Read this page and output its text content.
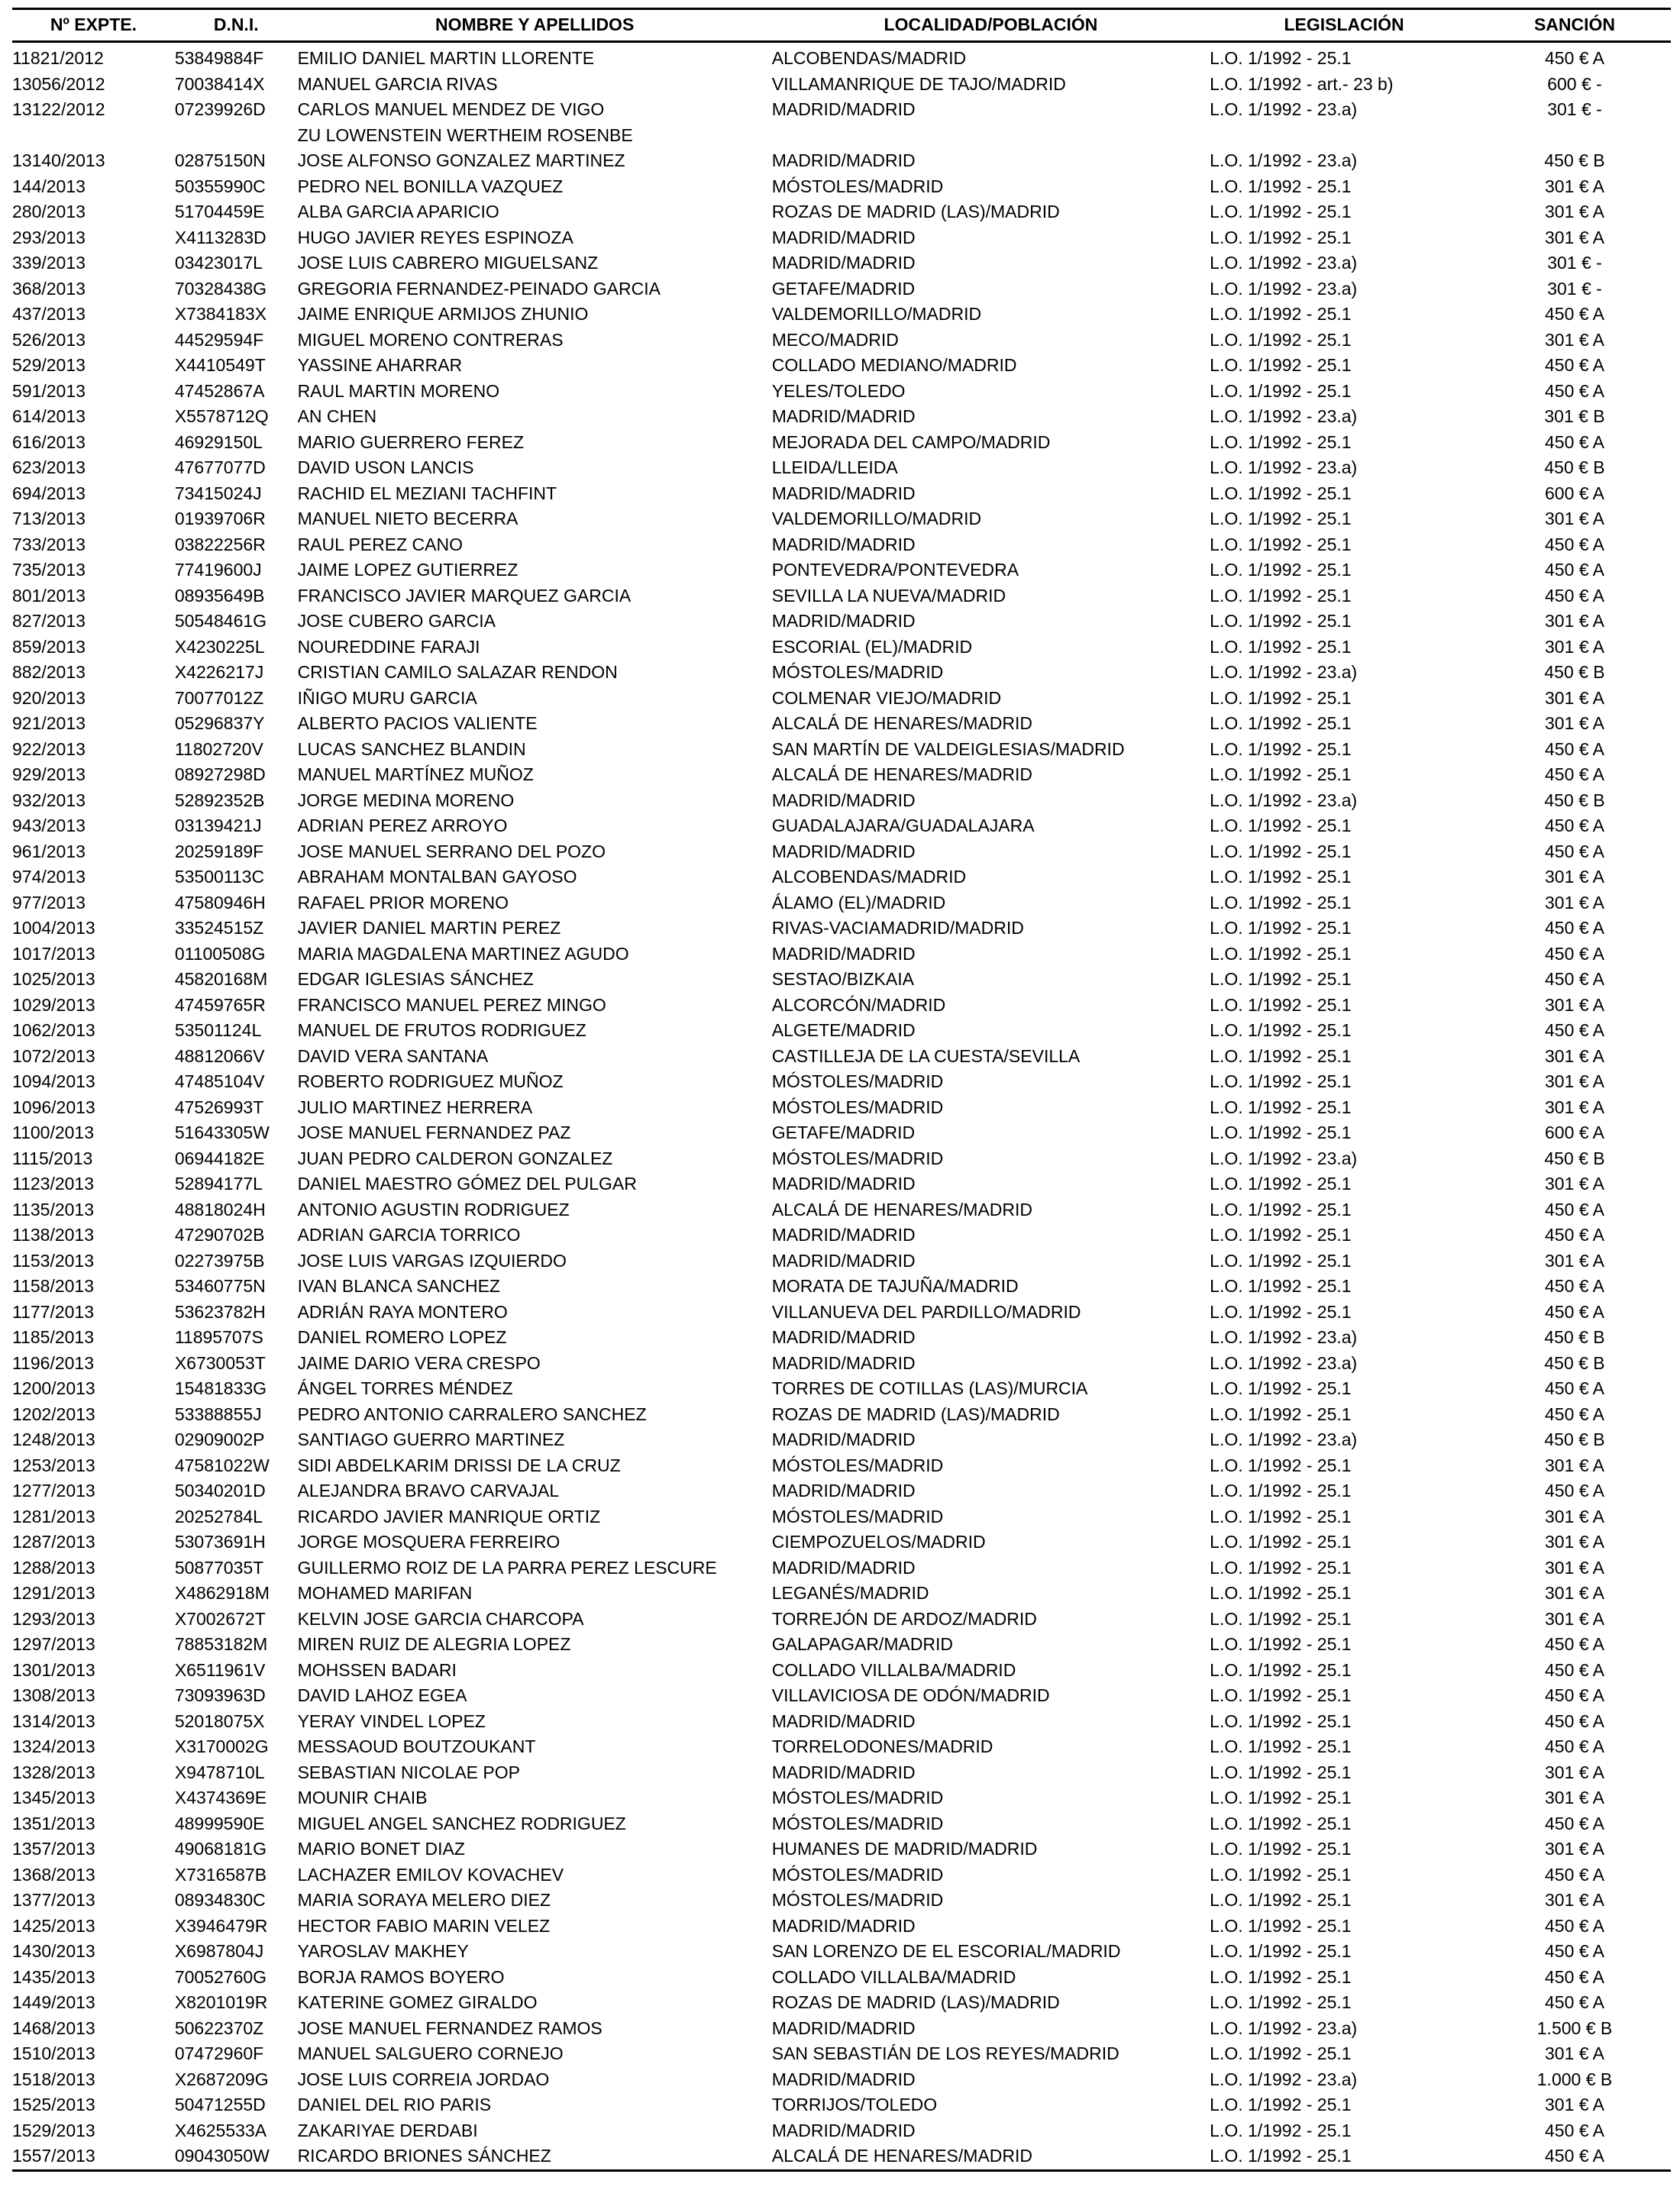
Nº EXPTE.	D.N.I.	NOMBRE Y APELLIDOS	LOCALIDAD/POBLACIÓN	LEGISLACIÓN	SANCIÓN

11821/2012	53849884F	EMILIO DANIEL MARTIN LLORENTE	ALCOBENDAS/MADRID	L.O. 1/1992 - 25.1	450 € A

13056/2012	70038414X	MANUEL GARCIA RIVAS	VILLAMANRIQUE DE TAJO/MADRID	L.O. 1/1992 - art.- 23 b)	600 € -

13122/2012	07239926D	CARLOS MANUEL MENDEZ DE VIGO
ZU LOWENSTEIN WERTHEIM ROSENBE	MADRID/MADRID	L.O. 1/1992 - 23.a)	301 € -

13140/2013	02875150N	JOSE ALFONSO GONZALEZ MARTINEZ	MADRID/MADRID	L.O. 1/1992 - 23.a)	450 € B

144/2013	50355990C	PEDRO NEL BONILLA VAZQUEZ	MÓSTOLES/MADRID	L.O. 1/1992 - 25.1	301 € A

280/2013	51704459E	ALBA GARCIA APARICIO	ROZAS DE MADRID (LAS)/MADRID	L.O. 1/1992 - 25.1	301 € A

293/2013	X4113283D	HUGO JAVIER REYES ESPINOZA	MADRID/MADRID	L.O. 1/1992 - 25.1	301 € A

339/2013	03423017L	JOSE LUIS CABRERO MIGUELSANZ	MADRID/MADRID	L.O. 1/1992 - 23.a)	301 € -

368/2013	70328438G	GREGORIA FERNANDEZ-PEINADO GARCIA	GETAFE/MADRID	L.O. 1/1992 - 23.a)	301 € -

437/2013	X7384183X	JAIME ENRIQUE ARMIJOS ZHUNIO	VALDEMORILLO/MADRID	L.O. 1/1992 - 25.1	450 € A

526/2013	44529594F	MIGUEL MORENO CONTRERAS	MECO/MADRID	L.O. 1/1992 - 25.1	301 € A

529/2013	X4410549T	YASSINE AHARRAR	COLLADO MEDIANO/MADRID	L.O. 1/1992 - 25.1	450 € A

591/2013	47452867A	RAUL MARTIN MORENO	YELES/TOLEDO	L.O. 1/1992 - 25.1	450 € A

614/2013	X5578712Q	AN CHEN	MADRID/MADRID	L.O. 1/1992 - 23.a)	301 € B

616/2013	46929150L	MARIO GUERRERO FEREZ	MEJORADA DEL CAMPO/MADRID	L.O. 1/1992 - 25.1	450 € A

623/2013	47677077D	DAVID USON LANCIS	LLEIDA/LLEIDA	L.O. 1/1992 - 23.a)	450 € B

694/2013	73415024J	RACHID EL MEZIANI TACHFINT	MADRID/MADRID	L.O. 1/1992 - 25.1	600 € A

713/2013	01939706R	MANUEL NIETO BECERRA	VALDEMORILLO/MADRID	L.O. 1/1992 - 25.1	301 € A

733/2013	03822256R	RAUL PEREZ CANO	MADRID/MADRID	L.O. 1/1992 - 25.1	450 € A

735/2013	77419600J	JAIME LOPEZ GUTIERREZ	PONTEVEDRA/PONTEVEDRA	L.O. 1/1992 - 25.1	450 € A

801/2013	08935649B	FRANCISCO JAVIER MARQUEZ GARCIA	SEVILLA LA NUEVA/MADRID	L.O. 1/1992 - 25.1	450 € A

827/2013	50548461G	JOSE CUBERO GARCIA	MADRID/MADRID	L.O. 1/1992 - 25.1	301 € A

859/2013	X4230225L	NOUREDDINE FARAJI	ESCORIAL (EL)/MADRID	L.O. 1/1992 - 25.1	301 € A

882/2013	X4226217J	CRISTIAN CAMILO SALAZAR RENDON	MÓSTOLES/MADRID	L.O. 1/1992 - 23.a)	450 € B

920/2013	70077012Z	IÑIGO MURU GARCIA	COLMENAR VIEJO/MADRID	L.O. 1/1992 - 25.1	301 € A

921/2013	05296837Y	ALBERTO PACIOS VALIENTE	ALCALÁ DE HENARES/MADRID	L.O. 1/1992 - 25.1	301 € A

922/2013	11802720V	LUCAS SANCHEZ BLANDIN	SAN MARTÍN DE VALDEIGLESIAS/MADRID	L.O. 1/1992 - 25.1	450 € A

929/2013	08927298D	MANUEL MARTÍNEZ MUÑOZ	ALCALÁ DE HENARES/MADRID	L.O. 1/1992 - 25.1	450 € A

932/2013	52892352B	JORGE MEDINA MORENO	MADRID/MADRID	L.O. 1/1992 - 23.a)	450 € B

943/2013	03139421J	ADRIAN PEREZ ARROYO	GUADALAJARA/GUADALAJARA	L.O. 1/1992 - 25.1	450 € A

961/2013	20259189F	JOSE MANUEL SERRANO DEL POZO	MADRID/MADRID	L.O. 1/1992 - 25.1	450 € A

974/2013	53500113C	ABRAHAM MONTALBAN GAYOSO	ALCOBENDAS/MADRID	L.O. 1/1992 - 25.1	301 € A

977/2013	47580946H	RAFAEL PRIOR MORENO	ÁLAMO (EL)/MADRID	L.O. 1/1992 - 25.1	301 € A

1004/2013	33524515Z	JAVIER DANIEL MARTIN PEREZ	RIVAS-VACIAMADRID/MADRID	L.O. 1/1992 - 25.1	450 € A

1017/2013	01100508G	MARIA MAGDALENA MARTINEZ AGUDO	MADRID/MADRID	L.O. 1/1992 - 25.1	450 € A

1025/2013	45820168M	EDGAR IGLESIAS SÁNCHEZ	SESTAO/BIZKAIA	L.O. 1/1992 - 25.1	450 € A

1029/2013	47459765R	FRANCISCO MANUEL PEREZ MINGO	ALCORCÓN/MADRID	L.O. 1/1992 - 25.1	301 € A

1062/2013	53501124L	MANUEL DE FRUTOS RODRIGUEZ	ALGETE/MADRID	L.O. 1/1992 - 25.1	450 € A

1072/2013	48812066V	DAVID VERA SANTANA	CASTILLEJA DE LA CUESTA/SEVILLA	L.O. 1/1992 - 25.1	301 € A

1094/2013	47485104V	ROBERTO RODRIGUEZ MUÑOZ	MÓSTOLES/MADRID	L.O. 1/1992 - 25.1	301 € A

1096/2013	47526993T	JULIO MARTINEZ HERRERA	MÓSTOLES/MADRID	L.O. 1/1992 - 25.1	301 € A

1100/2013	51643305W	JOSE MANUEL FERNANDEZ PAZ	GETAFE/MADRID	L.O. 1/1992 - 25.1	600 € A

1115/2013	06944182E	JUAN PEDRO CALDERON GONZALEZ	MÓSTOLES/MADRID	L.O. 1/1992 - 23.a)	450 € B

1123/2013	52894177L	DANIEL MAESTRO GÓMEZ DEL PULGAR	MADRID/MADRID	L.O. 1/1992 - 25.1	301 € A

1135/2013	48818024H	ANTONIO AGUSTIN RODRIGUEZ	ALCALÁ DE HENARES/MADRID	L.O. 1/1992 - 25.1	450 € A

1138/2013	47290702B	ADRIAN GARCIA TORRICO	MADRID/MADRID	L.O. 1/1992 - 25.1	450 € A

1153/2013	02273975B	JOSE LUIS VARGAS IZQUIERDO	MADRID/MADRID	L.O. 1/1992 - 25.1	301 € A

1158/2013	53460775N	IVAN BLANCA SANCHEZ	MORATA DE TAJUÑA/MADRID	L.O. 1/1992 - 25.1	450 € A

1177/2013	53623782H	ADRIÁN RAYA MONTERO	VILLANUEVA DEL PARDILLO/MADRID	L.O. 1/1992 - 25.1	450 € A

1185/2013	11895707S	DANIEL ROMERO LOPEZ	MADRID/MADRID	L.O. 1/1992 - 23.a)	450 € B

1196/2013	X6730053T	JAIME DARIO VERA CRESPO	MADRID/MADRID	L.O. 1/1992 - 23.a)	450 € B

1200/2013	15481833G	ÁNGEL TORRES MÉNDEZ	TORRES DE COTILLAS (LAS)/MURCIA	L.O. 1/1992 - 25.1	450 € A

1202/2013	53388855J	PEDRO ANTONIO CARRALERO SANCHEZ	ROZAS DE MADRID (LAS)/MADRID	L.O. 1/1992 - 25.1	450 € A

1248/2013	02909002P	SANTIAGO GUERRO MARTINEZ	MADRID/MADRID	L.O. 1/1992 - 23.a)	450 € B

1253/2013	47581022W	SIDI ABDELKARIM DRISSI DE LA CRUZ	MÓSTOLES/MADRID	L.O. 1/1992 - 25.1	301 € A

1277/2013	50340201D	ALEJANDRA BRAVO CARVAJAL	MADRID/MADRID	L.O. 1/1992 - 25.1	450 € A

1281/2013	20252784L	RICARDO JAVIER MANRIQUE ORTIZ	MÓSTOLES/MADRID	L.O. 1/1992 - 25.1	301 € A

1287/2013	53073691H	JORGE MOSQUERA FERREIRO	CIEMPOZUELOS/MADRID	L.O. 1/1992 - 25.1	301 € A

1288/2013	50877035T	GUILLERMO ROIZ DE LA PARRA PEREZ LESCURE	MADRID/MADRID	L.O. 1/1992 - 25.1	301 € A

1291/2013	X4862918M	MOHAMED MARIFAN	LEGANÉS/MADRID	L.O. 1/1992 - 25.1	301 € A

1293/2013	X7002672T	KELVIN JOSE GARCIA CHARCOPA	TORREJÓN DE ARDOZ/MADRID	L.O. 1/1992 - 25.1	301 € A

1297/2013	78853182M	MIREN RUIZ DE ALEGRIA LOPEZ	GALAPAGAR/MADRID	L.O. 1/1992 - 25.1	450 € A

1301/2013	X6511961V	MOHSSEN BADARI	COLLADO VILLALBA/MADRID	L.O. 1/1992 - 25.1	450 € A

1308/2013	73093963D	DAVID LAHOZ EGEA	VILLAVICIOSA DE ODÓN/MADRID	L.O. 1/1992 - 25.1	450 € A

1314/2013	52018075X	YERAY VINDEL LOPEZ	MADRID/MADRID	L.O. 1/1992 - 25.1	450 € A

1324/2013	X3170002G	MESSAOUD BOUTZOUKANT	TORRELODONES/MADRID	L.O. 1/1992 - 25.1	450 € A

1328/2013	X9478710L	SEBASTIAN NICOLAE POP	MADRID/MADRID	L.O. 1/1992 - 25.1	301 € A

1345/2013	X4374369E	MOUNIR CHAIB	MÓSTOLES/MADRID	L.O. 1/1992 - 25.1	301 € A

1351/2013	48999590E	MIGUEL ANGEL SANCHEZ RODRIGUEZ	MÓSTOLES/MADRID	L.O. 1/1992 - 25.1	450 € A

1357/2013	49068181G	MARIO BONET DIAZ	HUMANES DE MADRID/MADRID	L.O. 1/1992 - 25.1	301 € A

1368/2013	X7316587B	LACHAZER EMILOV KOVACHEV	MÓSTOLES/MADRID	L.O. 1/1992 - 25.1	450 € A

1377/2013	08934830C	MARIA SORAYA MELERO DIEZ	MÓSTOLES/MADRID	L.O. 1/1992 - 25.1	301 € A

1425/2013	X3946479R	HECTOR FABIO MARIN VELEZ	MADRID/MADRID	L.O. 1/1992 - 25.1	450 € A

1430/2013	X6987804J	YAROSLAV MAKHEY	SAN LORENZO DE EL ESCORIAL/MADRID	L.O. 1/1992 - 25.1	450 € A

1435/2013	70052760G	BORJA RAMOS BOYERO	COLLADO VILLALBA/MADRID	L.O. 1/1992 - 25.1	450 € A

1449/2013	X8201019R	KATERINE GOMEZ GIRALDO	ROZAS DE MADRID (LAS)/MADRID	L.O. 1/1992 - 25.1	450 € A

1468/2013	50622370Z	JOSE MANUEL FERNANDEZ RAMOS	MADRID/MADRID	L.O. 1/1992 - 23.a)	1.500 € B

1510/2013	07472960F	MANUEL SALGUERO CORNEJO	SAN SEBASTIÁN DE LOS REYES/MADRID	L.O. 1/1992 - 25.1	301 € A

1518/2013	X2687209G	JOSE LUIS CORREIA JORDAO	MADRID/MADRID	L.O. 1/1992 - 23.a)	1.000 € B

1525/2013	50471255D	DANIEL DEL RIO PARIS	TORRIJOS/TOLEDO	L.O. 1/1992 - 25.1	301 € A

1529/2013	X4625533A	ZAKARIYAE DERDABI	MADRID/MADRID	L.O. 1/1992 - 25.1	450 € A

1557/2013	09043050W	RICARDO BRIONES SÁNCHEZ	ALCALÁ DE HENARES/MADRID	L.O. 1/1992 - 25.1	450 € A
